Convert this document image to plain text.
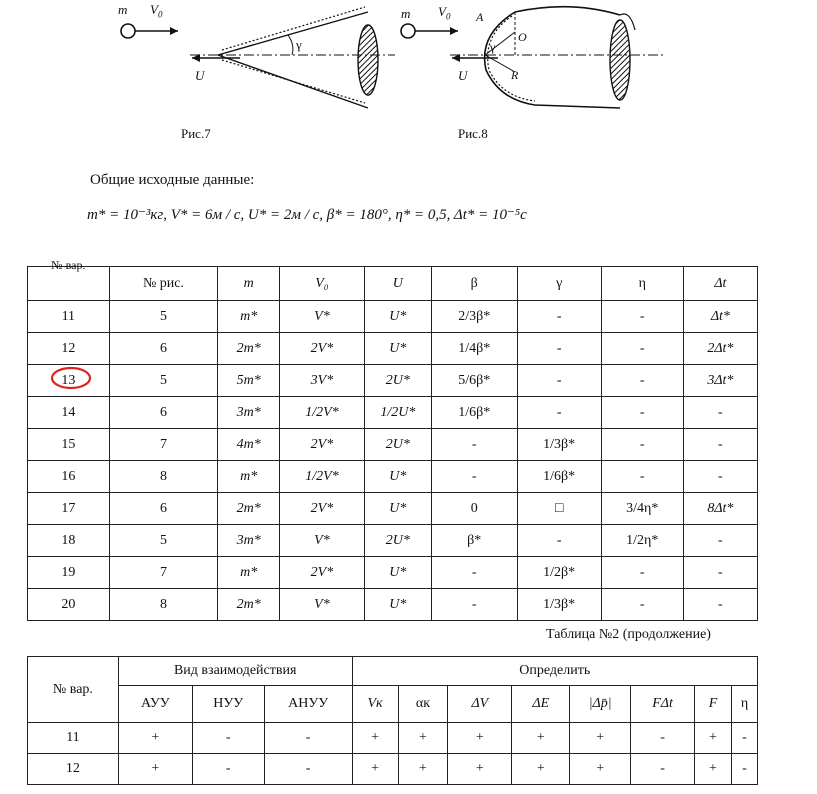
m $V_0$
U
γ
Рис.7
m $V_0$ A
γ
O
U	R
Рис.8
Общие исходные данные:
m* = 10⁻³кг, V* = 6м / с, U* = 2м / с, β* = 180°, η* = 0,5, Δt* = 10⁻⁵с
№ вар.	№ рис.	m	V₀	U	β	γ	η	Δt
11	5	m*	V*	U*	2/3β*	-	-	Δt*
12	6	2m*	2V*	U*	1/4β*	-	-	2Δt*
13	5	5m*	3V*	2U*	5/6β*	-	-	3Δt*
14	6	3m*	1/2V*	1/2U*	1/6β*	-	-	-
15	7	4m*	2V*	2U*	-	1/3β*	-	-
16	8	m*	1/2V*	U*	-	1/6β*	-	-
17	6	2m*	2V*	U*	0	□	3/4η*	8Δt*
18	5	3m*	V*	2U*	β*	-	1/2η*	-
19	7	m*	2V*	U*	-	1/2β*	-	-
20	8	2m*	V*	U*	-	1/3β*	-	-
Таблица №2 (продолжение)
№ вар.	Вид взаимодействия			Определить							
	АУУ	НУУ	АНУУ	Vк	αк	ΔV	ΔE	|Δp̄|	FΔt	F	η
11	+	-	-	+	+	+	+	+	-	+	-
12	+	-	-	+	+	+	+	+	-	+	-
